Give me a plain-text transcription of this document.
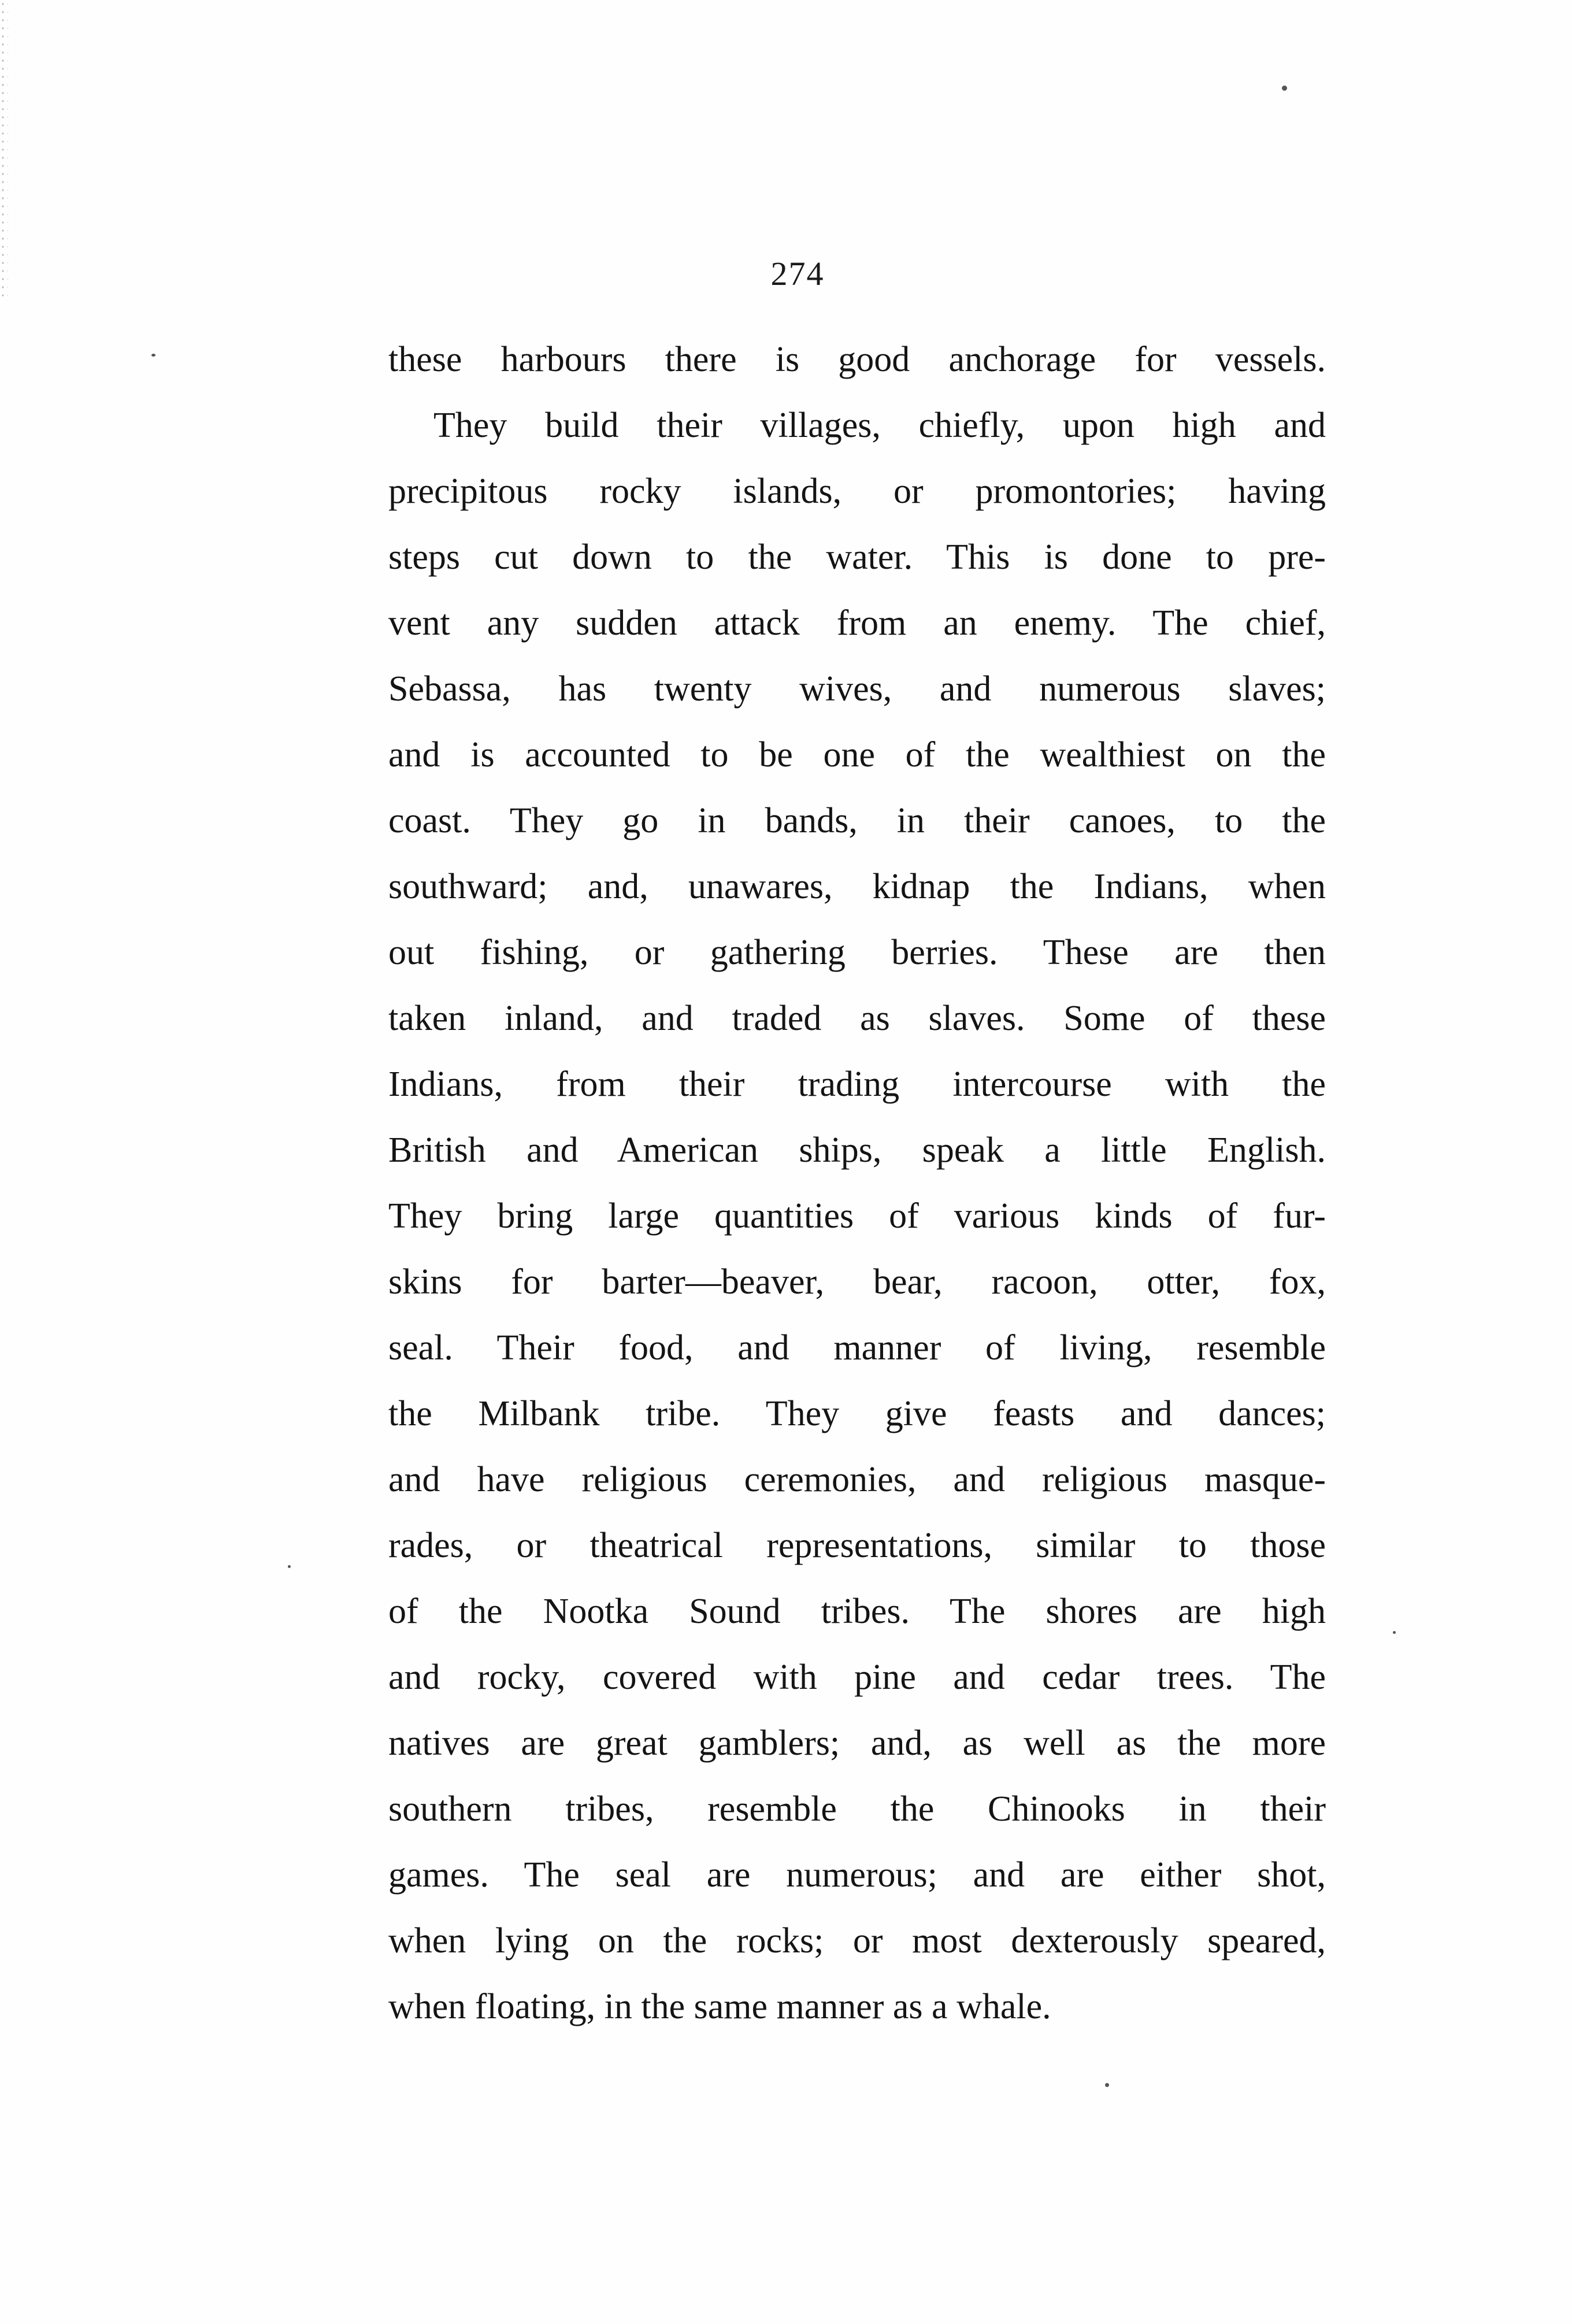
274
these harbours there is good anchorage for vessels.
They build their villages, chiefly, upon high and
precipitous rocky islands, or promontories; having
steps cut down to the water. This is done to pre-
vent any sudden attack from an enemy. The chief,
Sebassa, has twenty wives, and numerous slaves;
and is accounted to be one of the wealthiest on the
coast. They go in bands, in their canoes, to the
southward; and, unawares, kidnap the Indians, when
out fishing, or gathering berries. These are then
taken inland, and traded as slaves. Some of these
Indians, from their trading intercourse with the
British and American ships, speak a little English.
They bring large quantities of various kinds of fur-
skins for barter—beaver, bear, racoon, otter, fox,
seal. Their food, and manner of living, resemble
the Milbank tribe. They give feasts and dances;
and have religious ceremonies, and religious masque-
rades, or theatrical representations, similar to those
of the Nootka Sound tribes. The shores are high
and rocky, covered with pine and cedar trees. The
natives are great gamblers; and, as well as the more
southern tribes, resemble the Chinooks in their
games. The seal are numerous; and are either shot,
when lying on the rocks; or most dexterously speared,
when floating, in the same manner as a whale.
